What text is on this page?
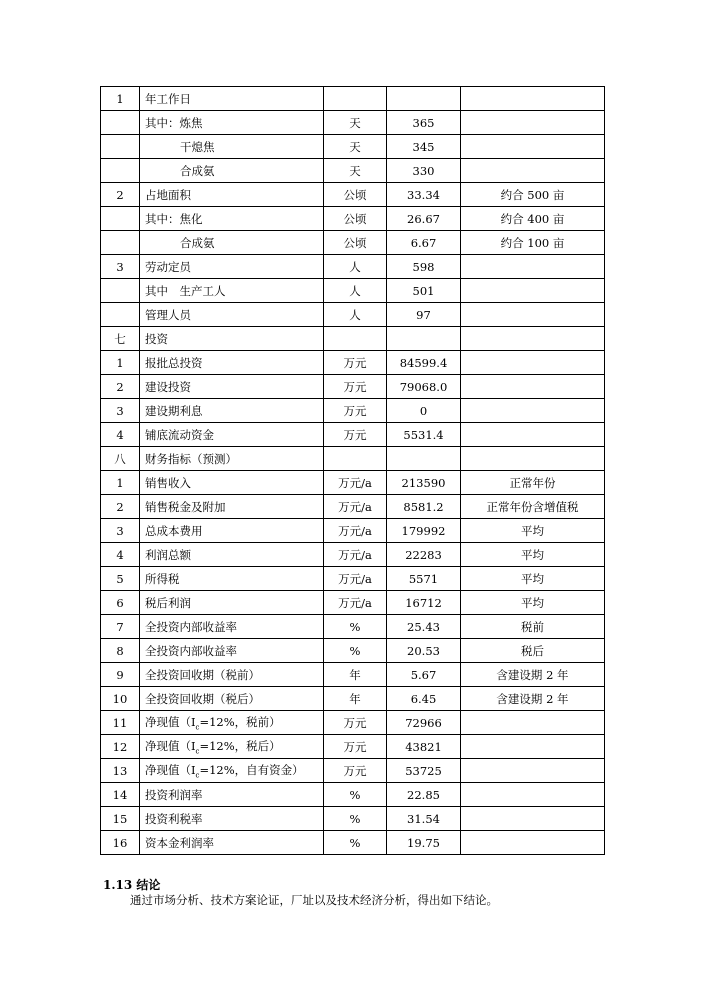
1	年工作日			
	其中：炼焦	天	365	
	干熄焦	天	345	
	合成氨	天	330	
2	占地面积	公顷	33.34	约合 500 亩
	其中：焦化	公顷	26.67	约合 400 亩
	合成氨	公顷	6.67	约合 100 亩
3	劳动定员	人	598	
	其中　生产工人	人	501	
	管理人员	人	97	
七	投资			
1	报批总投资	万元	84599.4	
2	建设投资	万元	79068.0	
3	建设期利息	万元	0	
4	铺底流动资金	万元	5531.4	
八	财务指标（预测）			
1	销售收入	万元/a	213590	正常年份
2	销售税金及附加	万元/a	8581.2	正常年份含增值税
3	总成本费用	万元/a	179992	平均
4	利润总额	万元/a	22283	平均
5	所得税	万元/a	5571	平均
6	税后利润	万元/a	16712	平均
7	全投资内部收益率	%	25.43	税前
8	全投资内部收益率	%	20.53	税后
9	全投资回收期（税前）	年	5.67	含建设期 2 年
10	全投资回收期（税后）	年	6.45	含建设期 2 年
11	净现值（$I_c=12\%$，税前）	万元	72966	
12	净现值（$I_c=12\%$，税后）	万元	43821	
13	净现值（$I_c=12\%$，自有资金）	万元	53725	
14	投资利润率	%	22.85	
15	投资利税率	%	31.54	
16	资本金利润率	%	19.75	
1.13 结论
通过市场分析、技术方案论证，厂址以及技术经济分析，得出如下结论。
